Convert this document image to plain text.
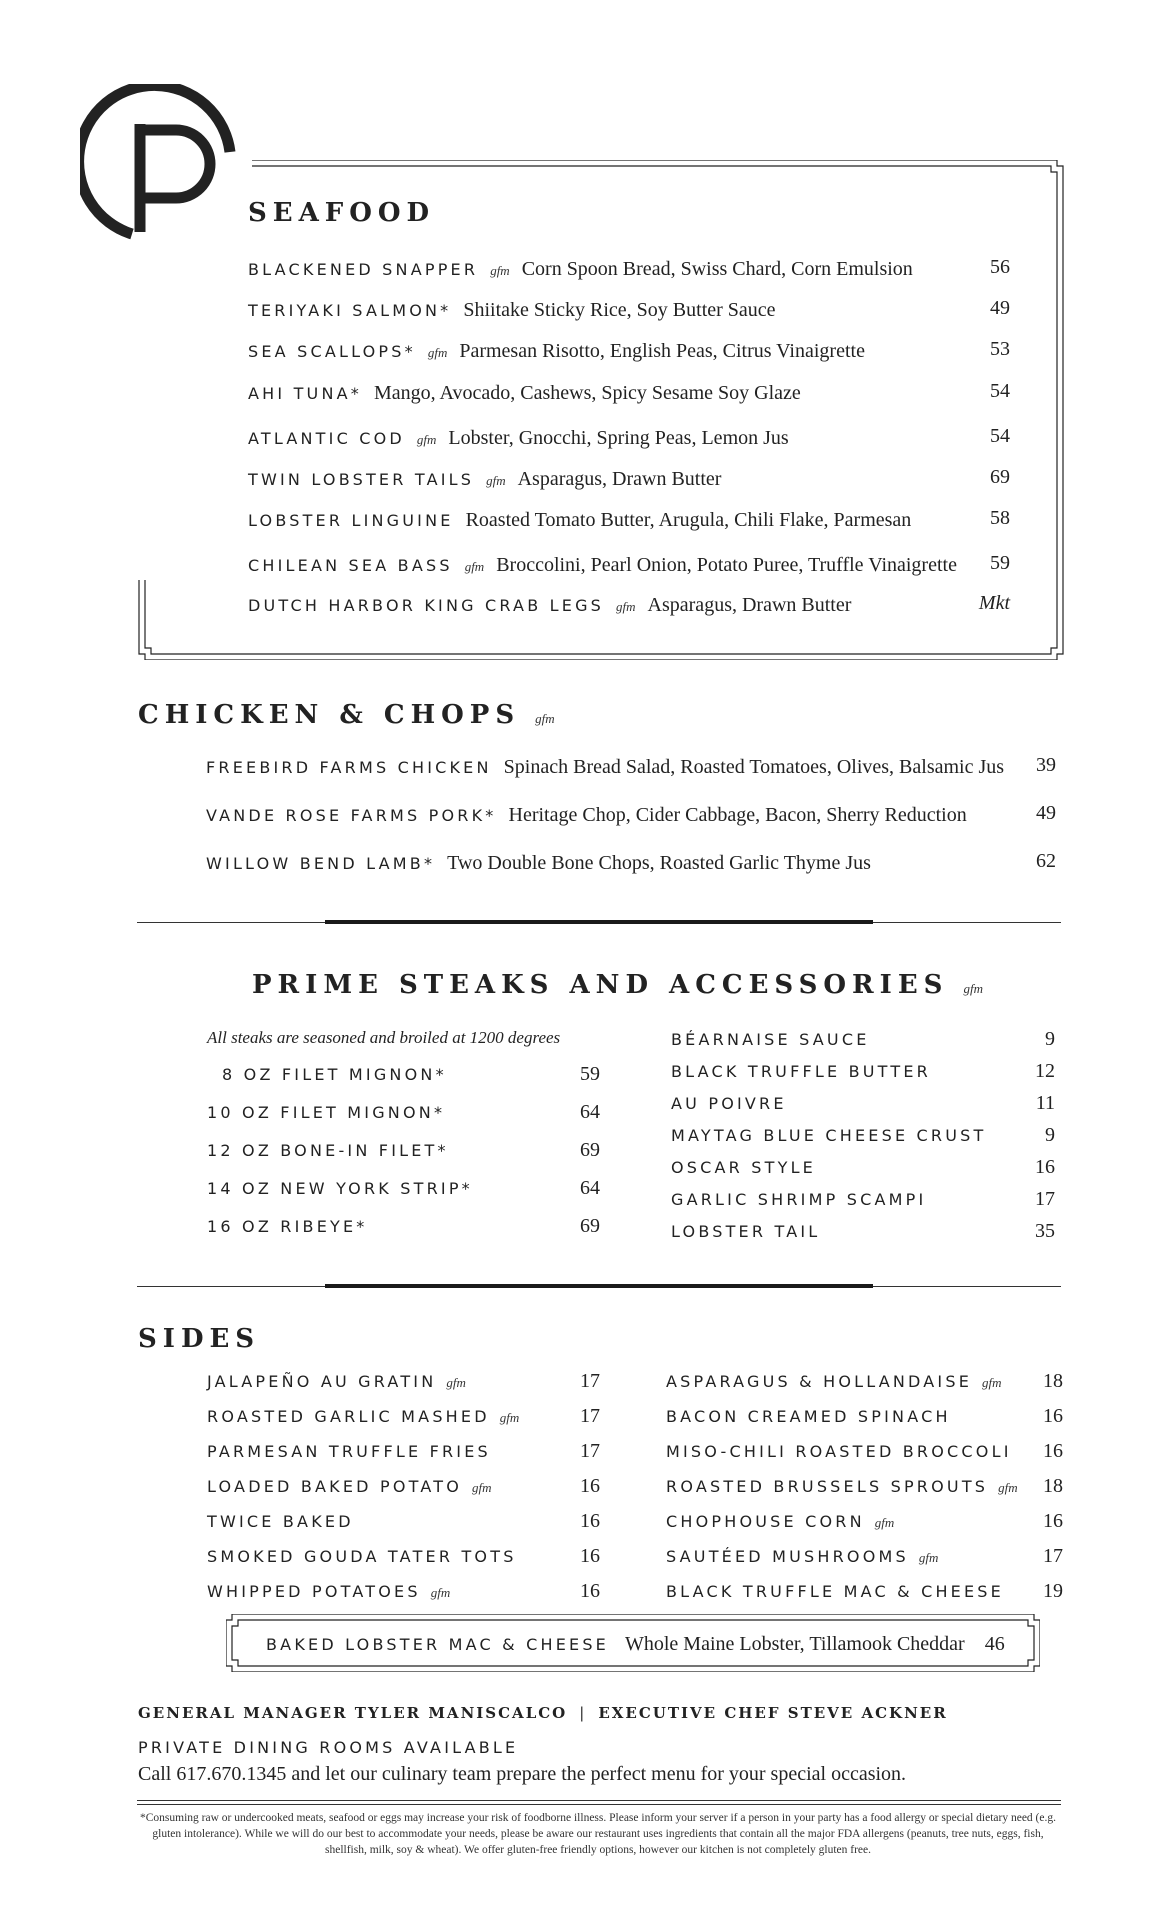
SEAFOOD
BLACKENED SNAPPER gfm Corn Spoon Bread, Swiss Chard, Corn Emulsion	56
TERIYAKI SALMON* Shiitake Sticky Rice, Soy Butter Sauce	49
SEA SCALLOPS* gfm Parmesan Risotto, English Peas, Citrus Vinaigrette	53
AHI TUNA* Mango, Avocado, Cashews, Spicy Sesame Soy Glaze	54
ATLANTIC COD gfm Lobster, Gnocchi, Spring Peas, Lemon Jus	54
TWIN LOBSTER TAILS gfm Asparagus, Drawn Butter	69
LOBSTER LINGUINE Roasted Tomato Butter, Arugula, Chili Flake, Parmesan	58
CHILEAN SEA BASS gfm Broccolini, Pearl Onion, Potato Puree, Truffle Vinaigrette 59
DUTCH HARBOR KING CRAB LEGS gfm Asparagus, Drawn Butter	Mkt
CHICKEN & CHOPS gfm
FREEBIRD FARMS CHICKEN Spinach Bread Salad, Roasted Tomatoes, Olives, Balsamic Jus 39
VANDE ROSE FARMS PORK* Heritage Chop, Cider Cabbage, Bacon, Sherry Reduction	49
WILLOW BEND LAMB* Two Double Bone Chops, Roasted Garlic Thyme Jus	62
PRIME STEAKS AND ACCESSORIES gfm
All steaks are seasoned and broiled at 1200 degrees
8 OZ FILET MIGNON*	59
10 OZ FILET MIGNON*	64
12 OZ BONE-IN FILET*	69
14 OZ NEW YORK STRIP*	64
16 OZ RIBEYE*	69
BÉARNAISE SAUCE	9
BLACK TRUFFLE BUTTER	12
AU POIVRE	11
MAYTAG BLUE CHEESE CRUST	9
OSCAR STYLE	16
GARLIC SHRIMP SCAMPI	17
LOBSTER TAIL	35
SIDES
JALAPEÑO AU GRATIN gfm	17
ROASTED GARLIC MASHED gfm	17
PARMESAN TRUFFLE FRIES	17
LOADED BAKED POTATO gfm	16
TWICE BAKED	16
SMOKED GOUDA TATER TOTS	16
WHIPPED POTATOES gfm	16
ASPARAGUS & HOLLANDAISE gfm 18
BACON CREAMED SPINACH	16
MISO-CHILI ROASTED BROCCOLI 16
ROASTED BRUSSELS SPROUTS gfm 18
CHOPHOUSE CORN gfm	16
SAUTÉED MUSHROOMS gfm	17
BLACK TRUFFLE MAC & CHEESE 19
BAKED LOBSTER MAC & CHEESE Whole Maine Lobster, Tillamook Cheddar 46
GENERAL MANAGER TYLER MANISCALCO | EXECUTIVE CHEF STEVE ACKNER
PRIVATE DINING ROOMS AVAILABLE
Call 617.670.1345 and let our culinary team prepare the perfect menu for your special occasion.
*Consuming raw or undercooked meats, seafood or eggs may increase your risk of foodborne illness. Please inform your server if a person in your party has a food allergy or special dietary need (e.g. gluten intolerance). While we will do our best to accommodate your needs, please be aware our restaurant uses ingredients that contain all the major FDA allergens (peanuts, tree nuts, eggs, fish, shellfish, milk, soy & wheat). We offer gluten-free friendly options, however our kitchen is not completely gluten free.
